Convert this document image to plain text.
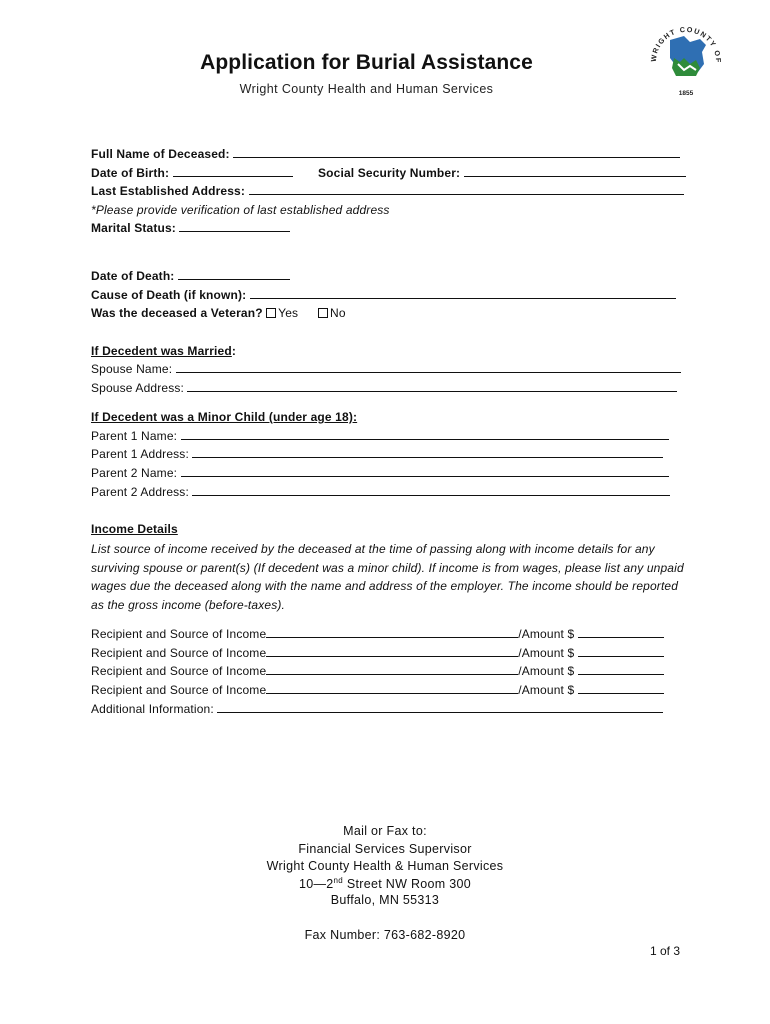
Application for Burial Assistance
Wright County Health and Human Services
WRIGHT COUNTY OF
1855
Full Name of Deceased:
Date of Birth:	Social Security Number:
Last Established Address:
*Please provide verification of last established address
Marital Status:
Date of Death:
Cause of Death (if known):
Was the deceased a Veteran? Yes	No
If Decedent was Married:
Spouse Name:
Spouse Address:
If Decedent was a Minor Child (under age 18):
Parent 1 Name:
Parent 1 Address:
Parent 2 Name:
Parent 2 Address:
Income Details
List source of income received by the deceased at the time of passing along with income details for any surviving spouse or parent(s) (If decedent was a minor child). If income is from wages, please list any unpaid wages due the deceased along with the name and address of the employer. The income should be reported as the gross income (before-taxes).
Recipient and Source of Income	/Amount $
Recipient and Source of Income	/Amount $
Recipient and Source of Income	/Amount $
Recipient and Source of Income	/Amount $
Additional Information:
Mail or Fax to:
Financial Services Supervisor
Wright County Health & Human Services
10—2nd Street NW Room 300
Buffalo, MN 55313
Fax Number: 763-682-8920
1 of 3
